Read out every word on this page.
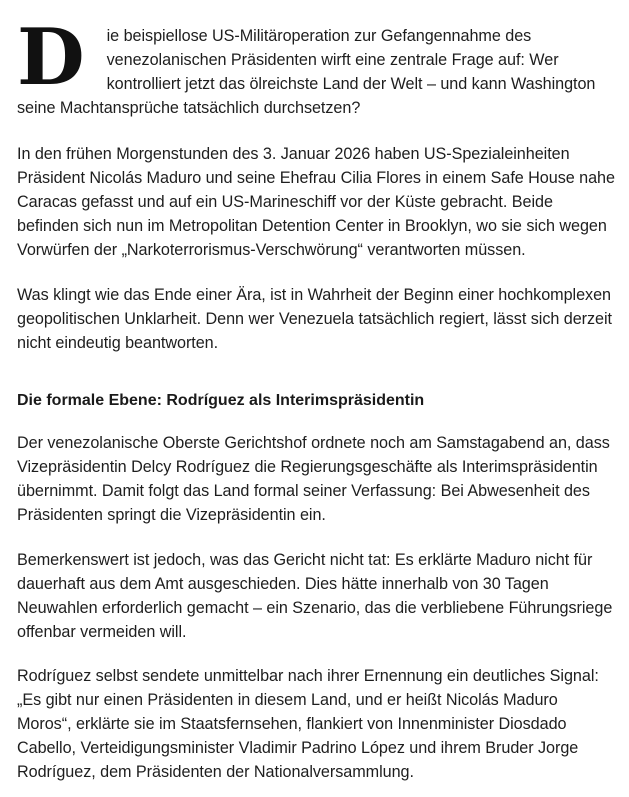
D	ie beispiellose US-Militäroperation zur Gefangennahme des venezolanischen Präsidenten wirft eine zentrale Frage auf: Wer kontrolliert jetzt das ölreichste Land der Welt – und kann Washington seine Machtansprüche tatsächlich durchsetzen?

In den frühen Morgenstunden des 3. Januar 2026 haben US-Spezialeinheiten Präsident Nicolás Maduro und seine Ehefrau Cilia Flores in einem Safe House nahe Caracas gefasst und auf ein US-Marineschiff vor der Küste gebracht. Beide befinden sich nun im Metropolitan Detention Center in Brooklyn, wo sie sich wegen Vorwürfen der „Narkoterrorismus-Verschwörung“ verantworten müssen.

Was klingt wie das Ende einer Ära, ist in Wahrheit der Beginn einer hochkomplexen geopolitischen Unklarheit. Denn wer Venezuela tatsächlich regiert, lässt sich derzeit nicht eindeutig beantworten.

Die formale Ebene: Rodríguez als Interimspräsidentin

Der venezolanische Oberste Gerichtshof ordnete noch am Samstagabend an, dass Vizepräsidentin Delcy Rodríguez die Regierungsgeschäfte als Interimspräsidentin übernimmt. Damit folgt das Land formal seiner Verfassung: Bei Abwesenheit des Präsidenten springt die Vizepräsidentin ein.

Bemerkenswert ist jedoch, was das Gericht nicht tat: Es erklärte Maduro nicht für dauerhaft aus dem Amt ausgeschieden. Dies hätte innerhalb von 30 Tagen Neuwahlen erforderlich gemacht – ein Szenario, das die verbliebene Führungsriege offenbar vermeiden will.

Rodríguez selbst sendete unmittelbar nach ihrer Ernennung ein deutliches Signal: „Es gibt nur einen Präsidenten in diesem Land, und er heißt Nicolás Maduro Moros“, erklärte sie im Staatsfernsehen, flankiert von Innenminister Diosdado Cabello, Verteidigungsminister Vladimir Padrino López und ihrem Bruder Jorge Rodríguez, dem Präsidenten der Nationalversammlung.
